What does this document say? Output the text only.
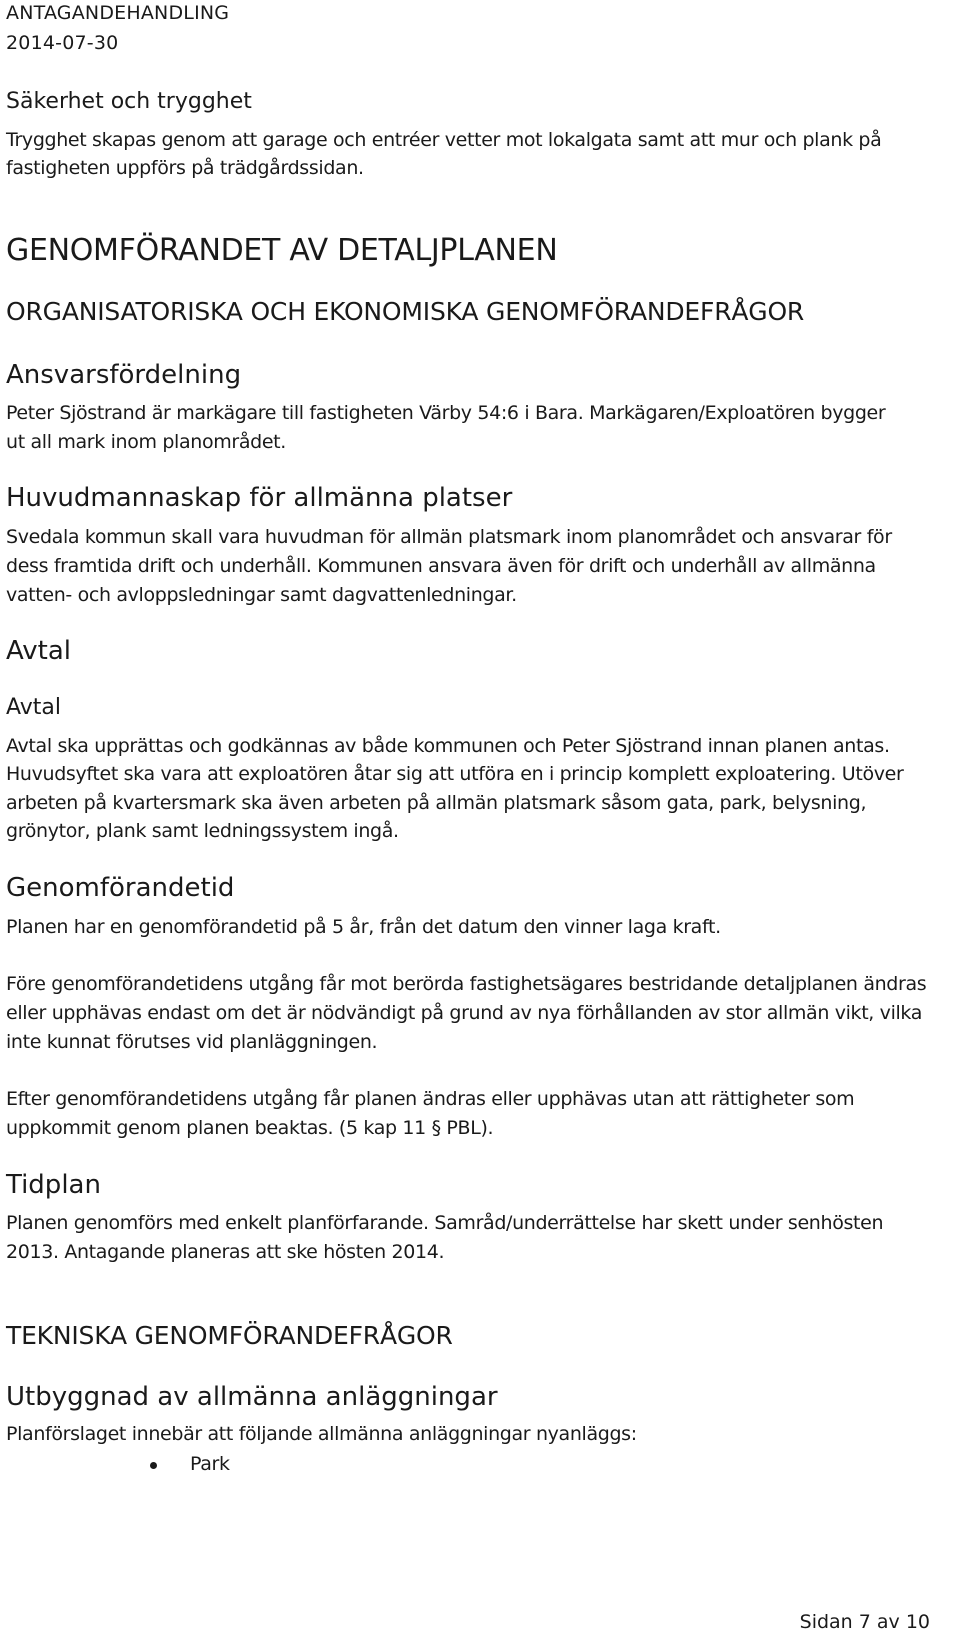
ANTAGANDEHANDLING

2014-07-30

Säkerhet och trygghet

Trygghet skapas genom att garage och entréer vetter mot lokalgata samt att mur och plank på

fastigheten uppförs på trädgårdssidan.

GENOMFÖRANDET AV DETALJPLANEN
ORGANISATORISKA OCH EKONOMISKA GENOMFÖRANDEFRÅGOR
Ansvarsfördelning

Peter Sjöstrand är markägare till fastigheten Värby 54:6 i Bara. Markägaren/Exploatören bygger

ut all mark inom planområdet.

Huvudmannaskap för allmänna platser

Svedala kommun skall vara huvudman för allmän platsmark inom planområdet och ansvarar för

dess framtida drift och underhåll. Kommunen ansvara även för drift och underhåll av allmänna

vatten- och avloppsledningar samt dagvattenledningar.

Avtal
Avtal

Avtal ska upprättas och godkännas av både kommunen och Peter Sjöstrand innan planen antas.

Huvudsyftet ska vara att exploatören åtar sig att utföra en i princip komplett exploatering. Utöver

arbeten på kvartersmark ska även arbeten på allmän platsmark såsom gata, park, belysning,

grönytor, plank samt ledningssystem ingå.

Genomförandetid

Planen har en genomförandetid på 5 år, från det datum den vinner laga kraft.

Före genomförandetidens utgång får mot berörda fastighetsägares bestridande detaljplanen ändras

eller upphävas endast om det är nödvändigt på grund av nya förhållanden av stor allmän vikt, vilka

inte kunnat förutses vid planläggningen.

Efter genomförandetidens utgång får planen ändras eller upphävas utan att rättigheter som

uppkommit genom planen beaktas. (5 kap 11 § PBL).

Tidplan

Planen genomförs med enkelt planförfarande. Samråd/underrättelse har skett under senhösten

2013. Antagande planeras att ske hösten 2014.

TEKNISKA GENOMFÖRANDEFRÅGOR
Utbyggnad av allmänna anläggningar

Planförslaget innebär att följande allmänna anläggningar nyanläggs:

Park

Sidan 7 av 10
